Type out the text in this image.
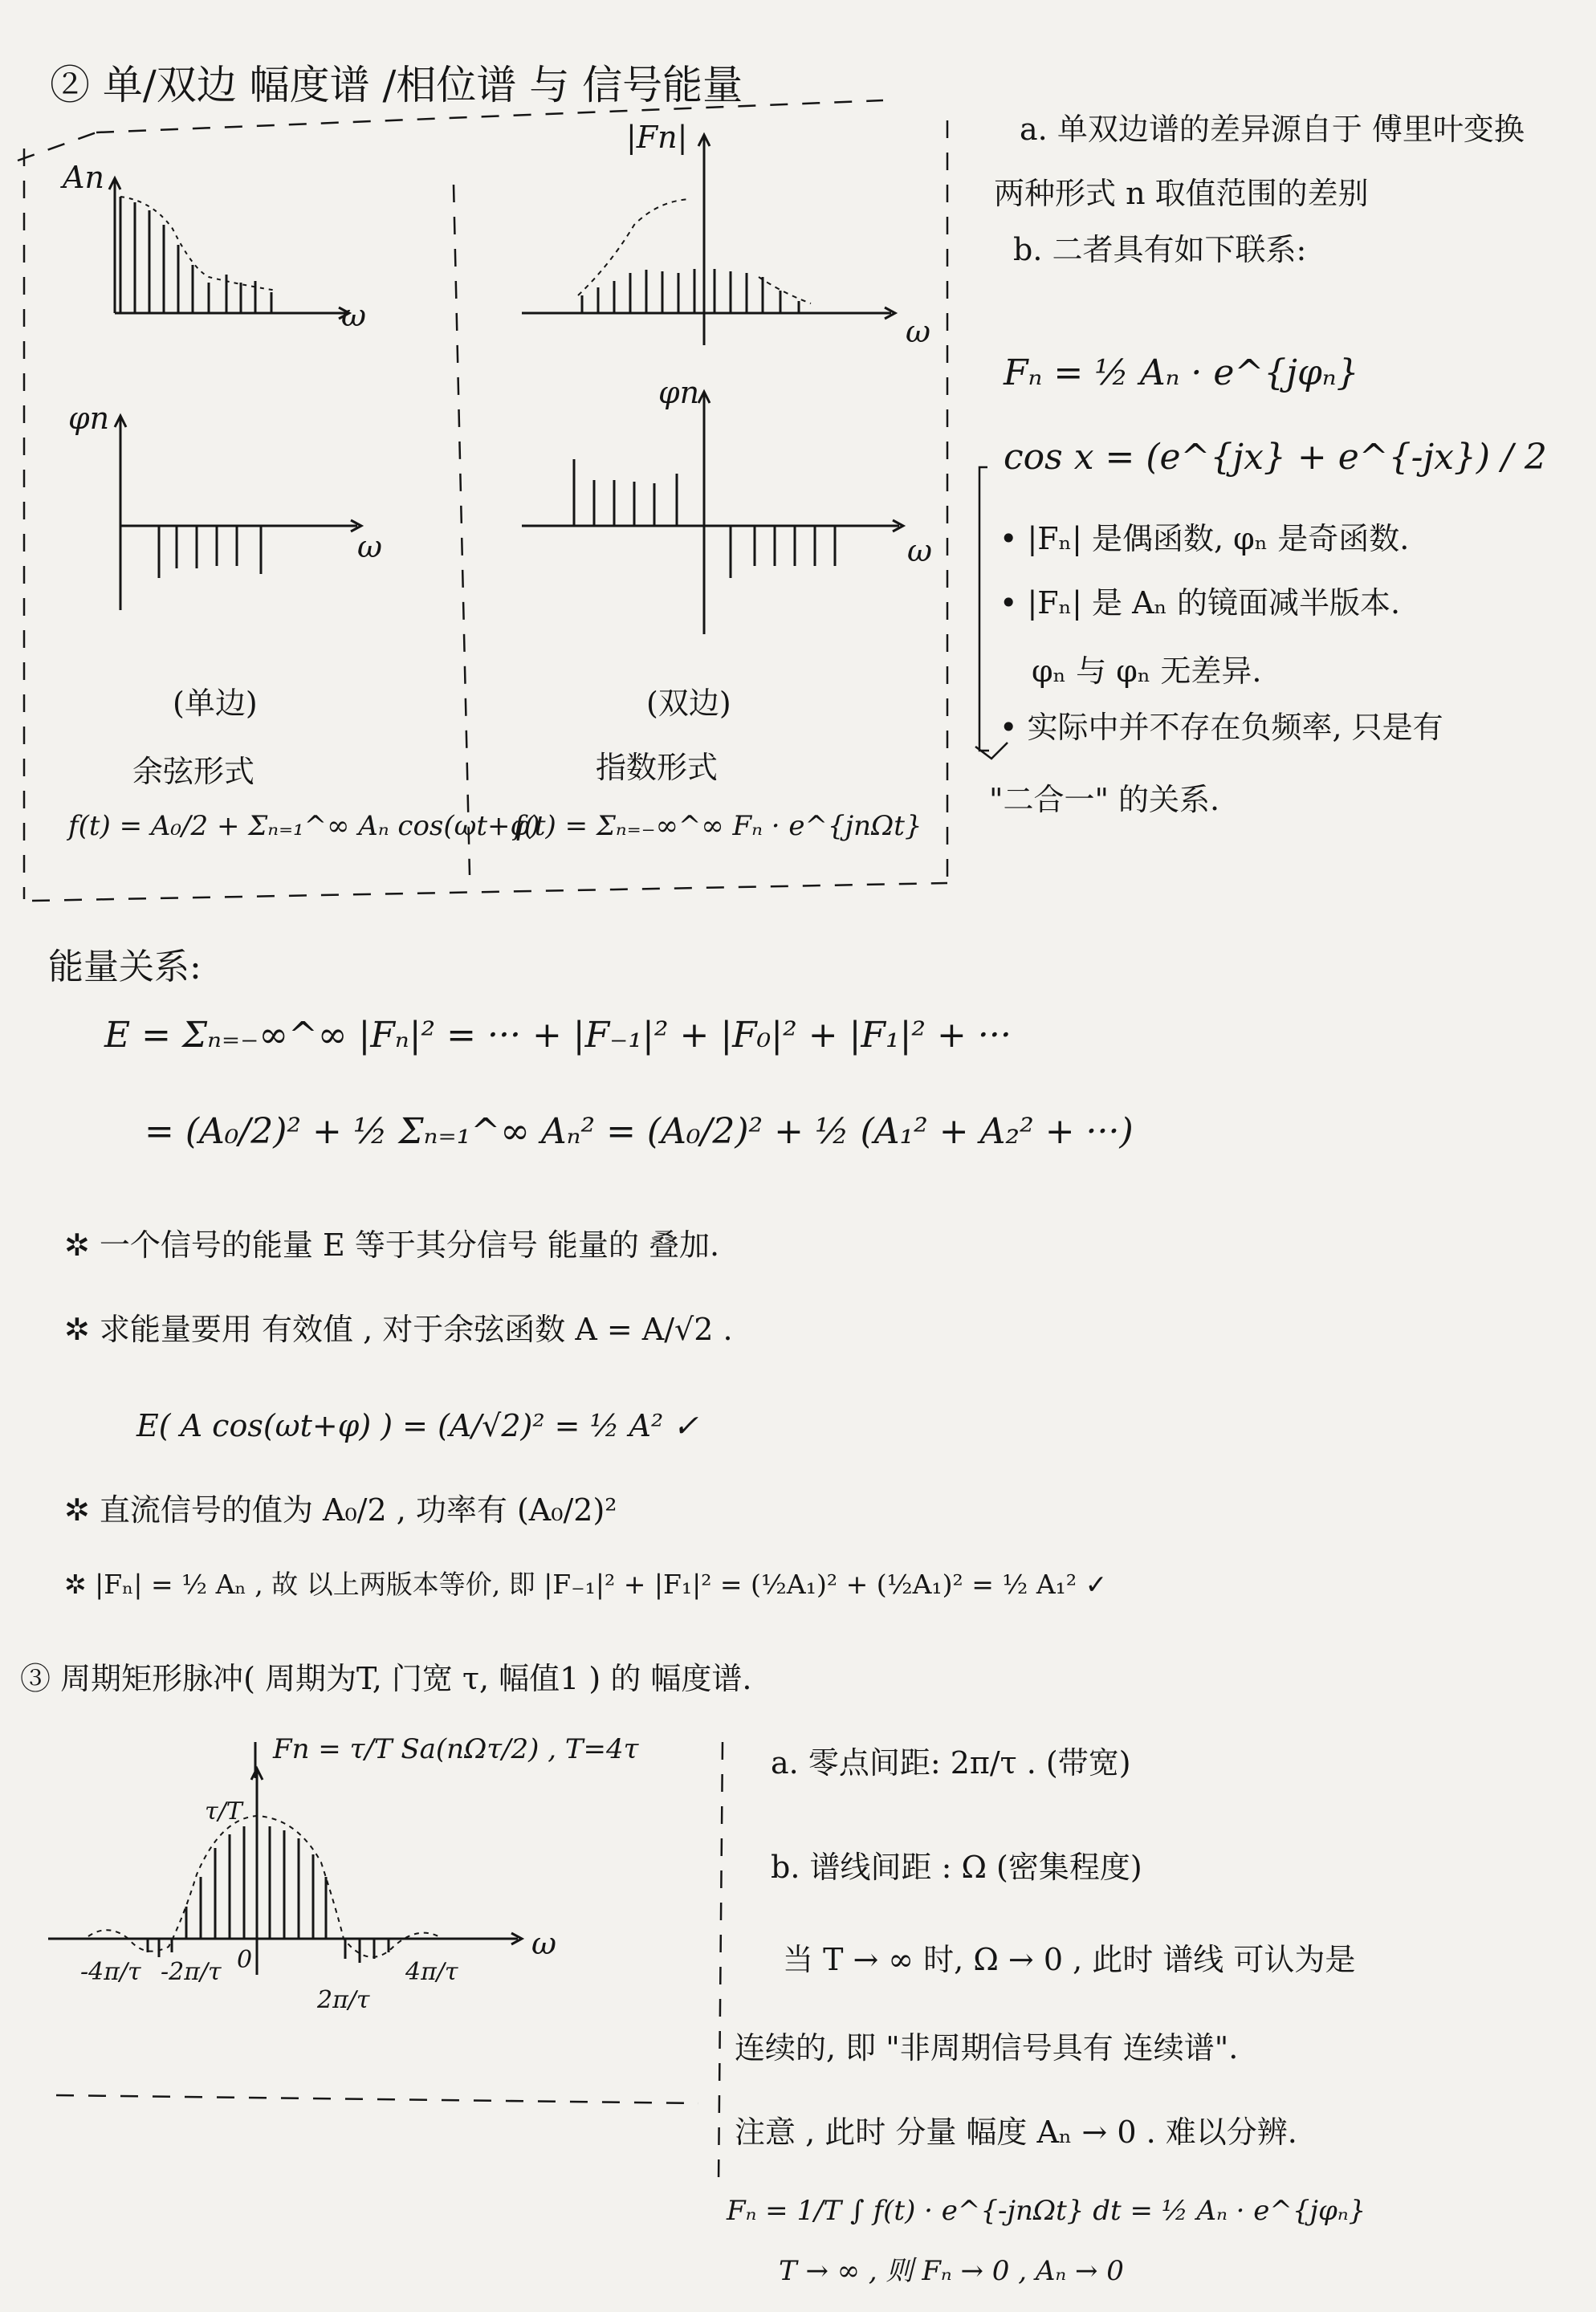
② 单/双边 幅度谱 /相位谱 与 信号能量
An
ω
φn
ω
(单边)
余弦形式
f(t) = A₀/2 + Σₙ₌₁^∞ Aₙ cos(ωt+φ)
|Fn|
ω
φn
ω
(双边)
指数形式
f(t) = Σₙ₌₋∞^∞ Fₙ · e^{jnΩt}
a. 单双边谱的差异源自于 傅里叶变换
两种形式 n 取值范围的差别
b. 二者具有如下联系:
Fₙ = ½ Aₙ · e^{jφₙ}
cos x = (e^{jx} + e^{-jx}) / 2
• |Fₙ| 是偶函数, φₙ 是奇函数.
• |Fₙ| 是 Aₙ 的镜面减半版本.
φₙ 与 φₙ 无差异.
• 实际中并不存在负频率, 只是有
"二合一" 的关系.
能量关系:
E = Σₙ₌₋∞^∞ |Fₙ|² = ··· + |F₋₁|² + |F₀|² + |F₁|² + ···
= (A₀/2)² + ½ Σₙ₌₁^∞ Aₙ² = (A₀/2)² + ½ (A₁² + A₂² + ···)
✲ 一个信号的能量 E 等于其分信号 能量的 叠加.
✲ 求能量要用 有效值 , 对于余弦函数 A = A/√2 .
E( A cos(ωt+φ) ) = (A/√2)² = ½ A² ✓
✲ 直流信号的值为 A₀/2 , 功率有 (A₀/2)²
✲ |Fₙ| = ½ Aₙ , 故 以上两版本等价, 即 |F₋₁|² + |F₁|² = (½A₁)² + (½A₁)² = ½ A₁² ✓
③ 周期矩形脉冲( 周期为T, 门宽 τ, 幅值1 ) 的 幅度谱.
Fn = τ/T Sa(nΩτ/2) , T=4τ
τ/T
-4π/τ -2π/τ 0
2π/τ
4π/τ
ω
a. 零点间距: 2π/τ . (带宽)
b. 谱线间距 : Ω (密集程度)
当 T → ∞ 时, Ω → 0 , 此时 谱线 可认为是
连续的, 即 "非周期信号具有 连续谱".
注意 , 此时 分量 幅度 Aₙ → 0 . 难以分辨.
Fₙ = 1/T ∫ f(t) · e^{-jnΩt} dt = ½ Aₙ · e^{jφₙ}
T → ∞ , 则 Fₙ → 0 , Aₙ → 0
